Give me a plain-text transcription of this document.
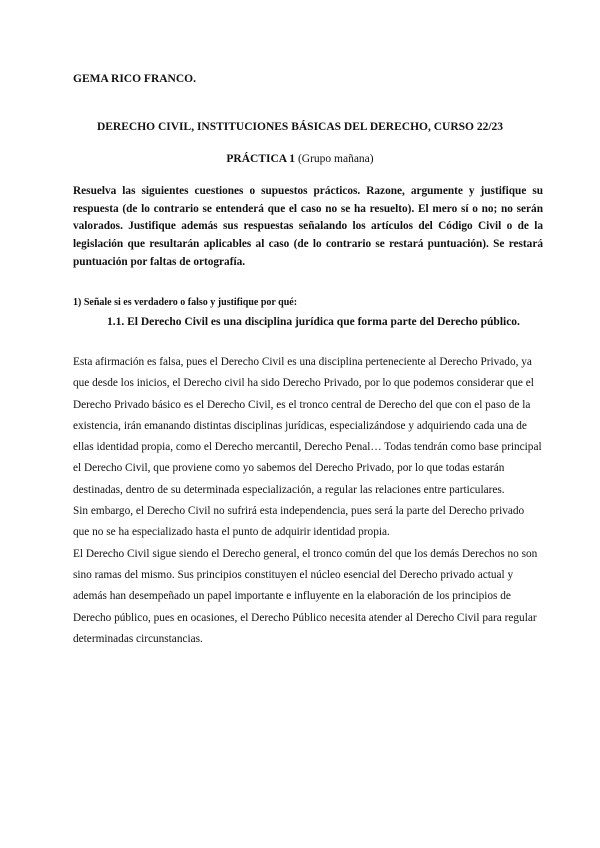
GEMA RICO FRANCO.
DERECHO CIVIL, INSTITUCIONES BÁSICAS DEL DERECHO, CURSO 22/23
PRÁCTICA 1 (Grupo mañana)
Resuelva las siguientes cuestiones o supuestos prácticos. Razone, argumente y justifique su respuesta (de lo contrario se entenderá que el caso no se ha resuelto). El mero sí o no; no serán valorados. Justifique además sus respuestas señalando los artículos del Código Civil o de la legislación que resultarán aplicables al caso (de lo contrario se restará puntuación). Se restará puntuación por faltas de ortografía.
1) Señale si es verdadero o falso y justifique por qué:
1.1. El Derecho Civil es una disciplina jurídica que forma parte del Derecho público.

Esta afirmación es falsa, pues el Derecho Civil es una disciplina perteneciente al Derecho Privado, ya que desde los inicios, el Derecho civil ha sido Derecho Privado, por lo que podemos considerar que el Derecho Privado básico es el Derecho Civil, es el tronco central de Derecho del que con el paso de la existencia, irán emanando distintas disciplinas jurídicas, especializándose y adquiriendo cada una de ellas identidad propia, como el Derecho mercantil, Derecho Penal… Todas tendrán como base principal el Derecho Civil, que proviene como yo sabemos del Derecho Privado, por lo que todas estarán destinadas, dentro de su determinada especialización, a regular las relaciones entre particulares.

Sin embargo, el Derecho Civil no sufrirá esta independencia, pues será la parte del Derecho privado que no se ha especializado hasta el punto de adquirir identidad propia.

El Derecho Civil sigue siendo el Derecho general, el tronco común del que los demás Derechos no son sino ramas del mismo. Sus principios constituyen el núcleo esencial del Derecho privado actual y además han desempeñado un papel importante e influyente en la elaboración de los principios de Derecho público, pues en ocasiones, el Derecho Público necesita atender al Derecho Civil para regular determinadas circunstancias.
